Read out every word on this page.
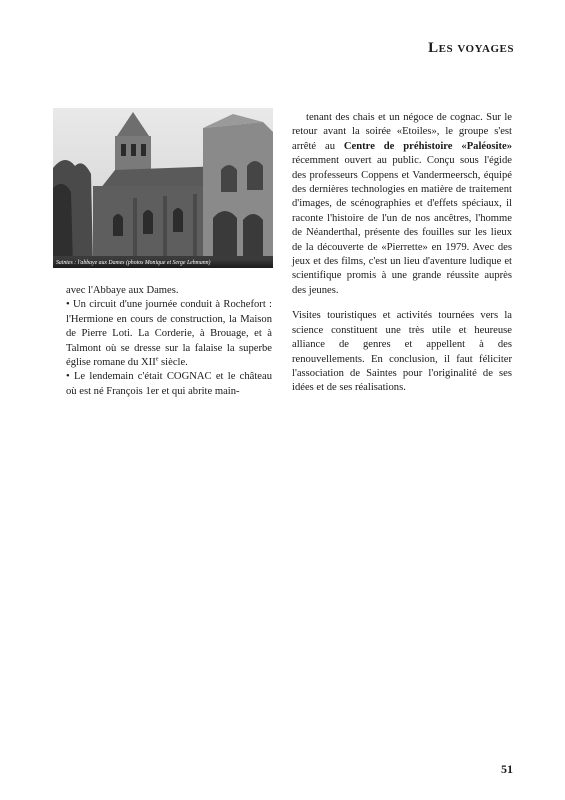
Les voyages
Saintes : l'abbaye aux Dames (photos Monique et Serge Lehmann)

avec l'Abbaye aux Dames.

• Un circuit d'une journée conduit à Rochefort : l'Hermione en cours de construction, la Maison de Pierre Loti. La Corderie, à Brouage, et à Talmont où se dresse sur la falaise la superbe église romane du XIIe siècle.

• Le lendemain c'était COGNAC et le château où est né François 1er et qui abrite main-

tenant des chais et un négoce de cognac. Sur le retour avant la soirée «Etoiles», le groupe s'est arrêté au Centre de préhistoire «Paléosite» récemment ouvert au public. Conçu sous l'égide des professeurs Coppens et Vandermeersch, équipé des dernières technologies en matière de traitement d'images, de scénographies et d'effets spéciaux, il raconte l'histoire de l'un de nos ancêtres, l'homme de Néanderthal, présente des fouilles sur les lieux de la découverte de «Pierrette» en 1979. Avec des jeux et des films, c'est un lieu d'aventure ludique et scientifique promis à une grande réussite auprès des jeunes.

Visites touristiques et activités tournées vers la science constituent une très utile et heureuse alliance de genres et appellent à des renouvellements. En conclusion, il faut féliciter l'association de Saintes pour l'originalité de ses idées et de ses réalisations.

51
